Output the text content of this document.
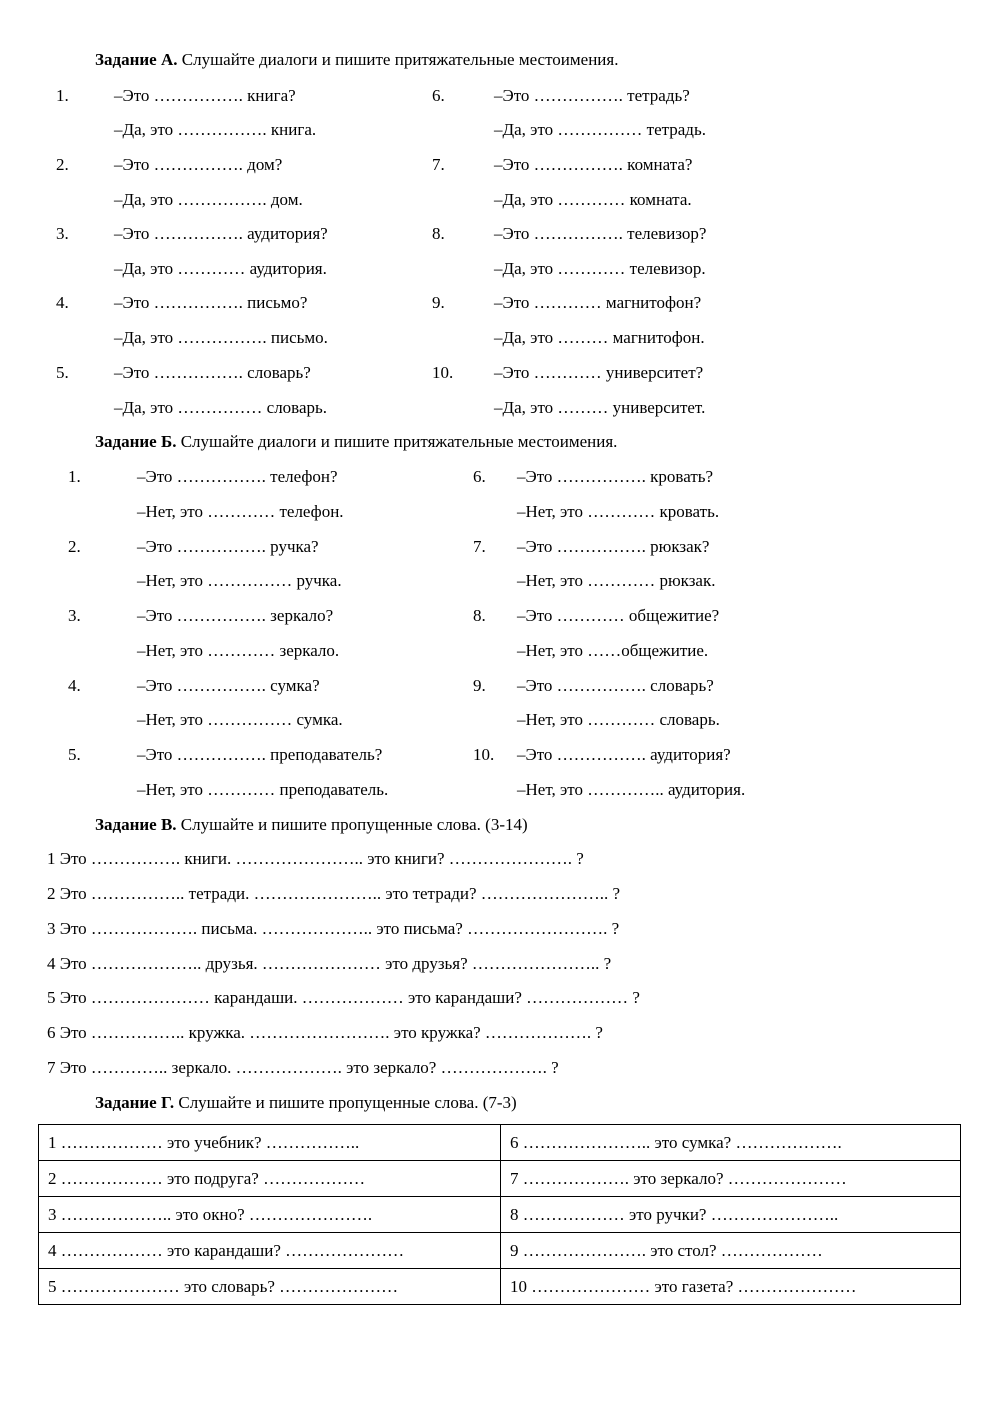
Задание А. Слушайте диалоги и пишите притяжательные местоимения.
1.	–Это ……………. книга?
–Да, это ……………. книга.
2.	–Это ……………. дом?
–Да, это ……………. дом.
3.	–Это ……………. аудитория?
–Да, это ………… аудитория.
4.	–Это ……………. письмо?
–Да, это ……………. письмо.
5.	–Это ……………. словарь?
–Да, это …………… словарь.
6.	–Это ……………. тетрадь?
–Да, это …………… тетрадь.
7.	–Это ……………. комната?
–Да, это ………… комната.
8.	–Это ……………. телевизор?
–Да, это ………… телевизор.
9.	–Это ………… магнитофон?
–Да, это ……… магнитофон.
10. –Это ………… университет?
–Да, это ……… университет.
Задание Б. Слушайте диалоги и пишите притяжательные местоимения.
1.	–Это ……………. телефон?
–Нет, это ………… телефон.
2.	–Это ……………. ручка?
–Нет, это …………… ручка.
3.	–Это ……………. зеркало?
–Нет, это ………… зеркало.
4.	–Это ……………. сумка?
–Нет, это …………… сумка.
5.	–Это ……………. преподаватель?
–Нет, это ………… преподаватель.
6. –Это ……………. кровать?
–Нет, это ………… кровать.
7. –Это ……………. рюкзак?
–Нет, это ………… рюкзак.
8. –Это ………… общежитие?
–Нет, это ……общежитие.
9. –Это ……………. словарь?
–Нет, это ………… словарь.
10. –Это ……………. аудитория?
–Нет, это ………….. аудитория.
Задание В. Слушайте и пишите пропущенные слова. (3-14)
1 Это ……………. книги. ………………….. это книги? …………………. ?
2 Это …………….. тетради. ………………….. это тетради? ………………….. ?
3 Это ………………. письма. ……………….. это письма? ……………………. ?
4 Это ……………….. друзья. ………………… это друзья? ………………….. ?
5 Это ………………… карандаши. ……………… это карандаши? ……………… ?
6 Это …………….. кружка. ……………………. это кружка? ………………. ?
7 Это ………….. зеркало. ………………. это зеркало? ………………. ?
Задание Г. Слушайте и пишите пропущенные слова. (7-3)
1 ……………… это учебник? ……………..	6 ………………….. это сумка? ……………….
2 ……………… это подруга? ………………	7 ………………. это зеркало? …………………
3 ……………….. это окно? ………………….	8 ……………… это ручки? …………………..
4 ……………… это карандаши? …………………	9 …………………. это стол? ………………
5 ………………… это словарь? …………………	10 ………………… это газета? …………………
